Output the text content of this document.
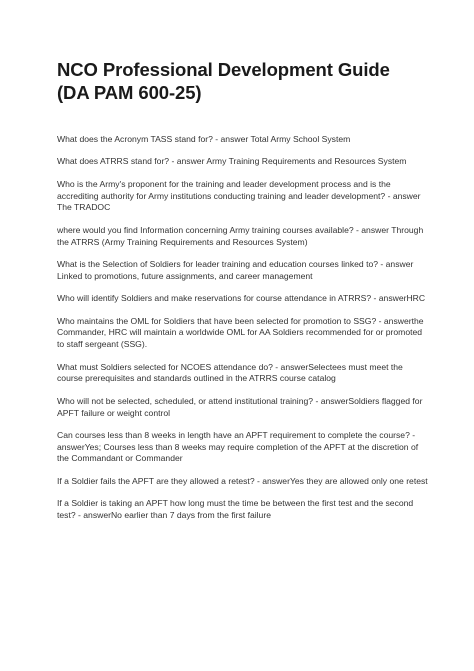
NCO Professional Development Guide
(DA PAM 600-25)

What does the Acronym TASS stand for? - answer Total Army School System

What does ATRRS stand for? - answer Army Training Requirements and Resources System

Who is the Army's proponent for the training and leader development process and is the accrediting authority for Army institutions conducting training and leader development? - answer The TRADOC

where would you find Information concerning Army training courses available? - answer Through the ATRRS (Army Training Requirements and Resources System)

What is the Selection of Soldiers for leader training and education courses linked to? - answer Linked to promotions, future assignments, and career management

Who will identify Soldiers and make reservations for course attendance in ATRRS? - answerHRC

Who maintains the OML for Soldiers that have been selected for promotion to SSG? - answerthe Commander, HRC will maintain a worldwide OML for AA Soldiers recommended for or promoted to staff sergeant (SSG).

What must Soldiers selected for NCOES attendance do? - answerSelectees must meet the course prerequisites and standards outlined in the ATRRS course catalog

Who will not be selected, scheduled, or attend institutional training? - answerSoldiers flagged for APFT failure or weight control

Can courses less than 8 weeks in length have an APFT requirement to complete the course? - answerYes; Courses less than 8 weeks may require completion of the APFT at the discretion of the Commandant or Commander

If a Soldier fails the APFT are they allowed a retest? - answerYes they are allowed only one retest

If a Soldier is taking an APFT how long must the time be between the first test and the second test? - answerNo earlier than 7 days from the first failure
